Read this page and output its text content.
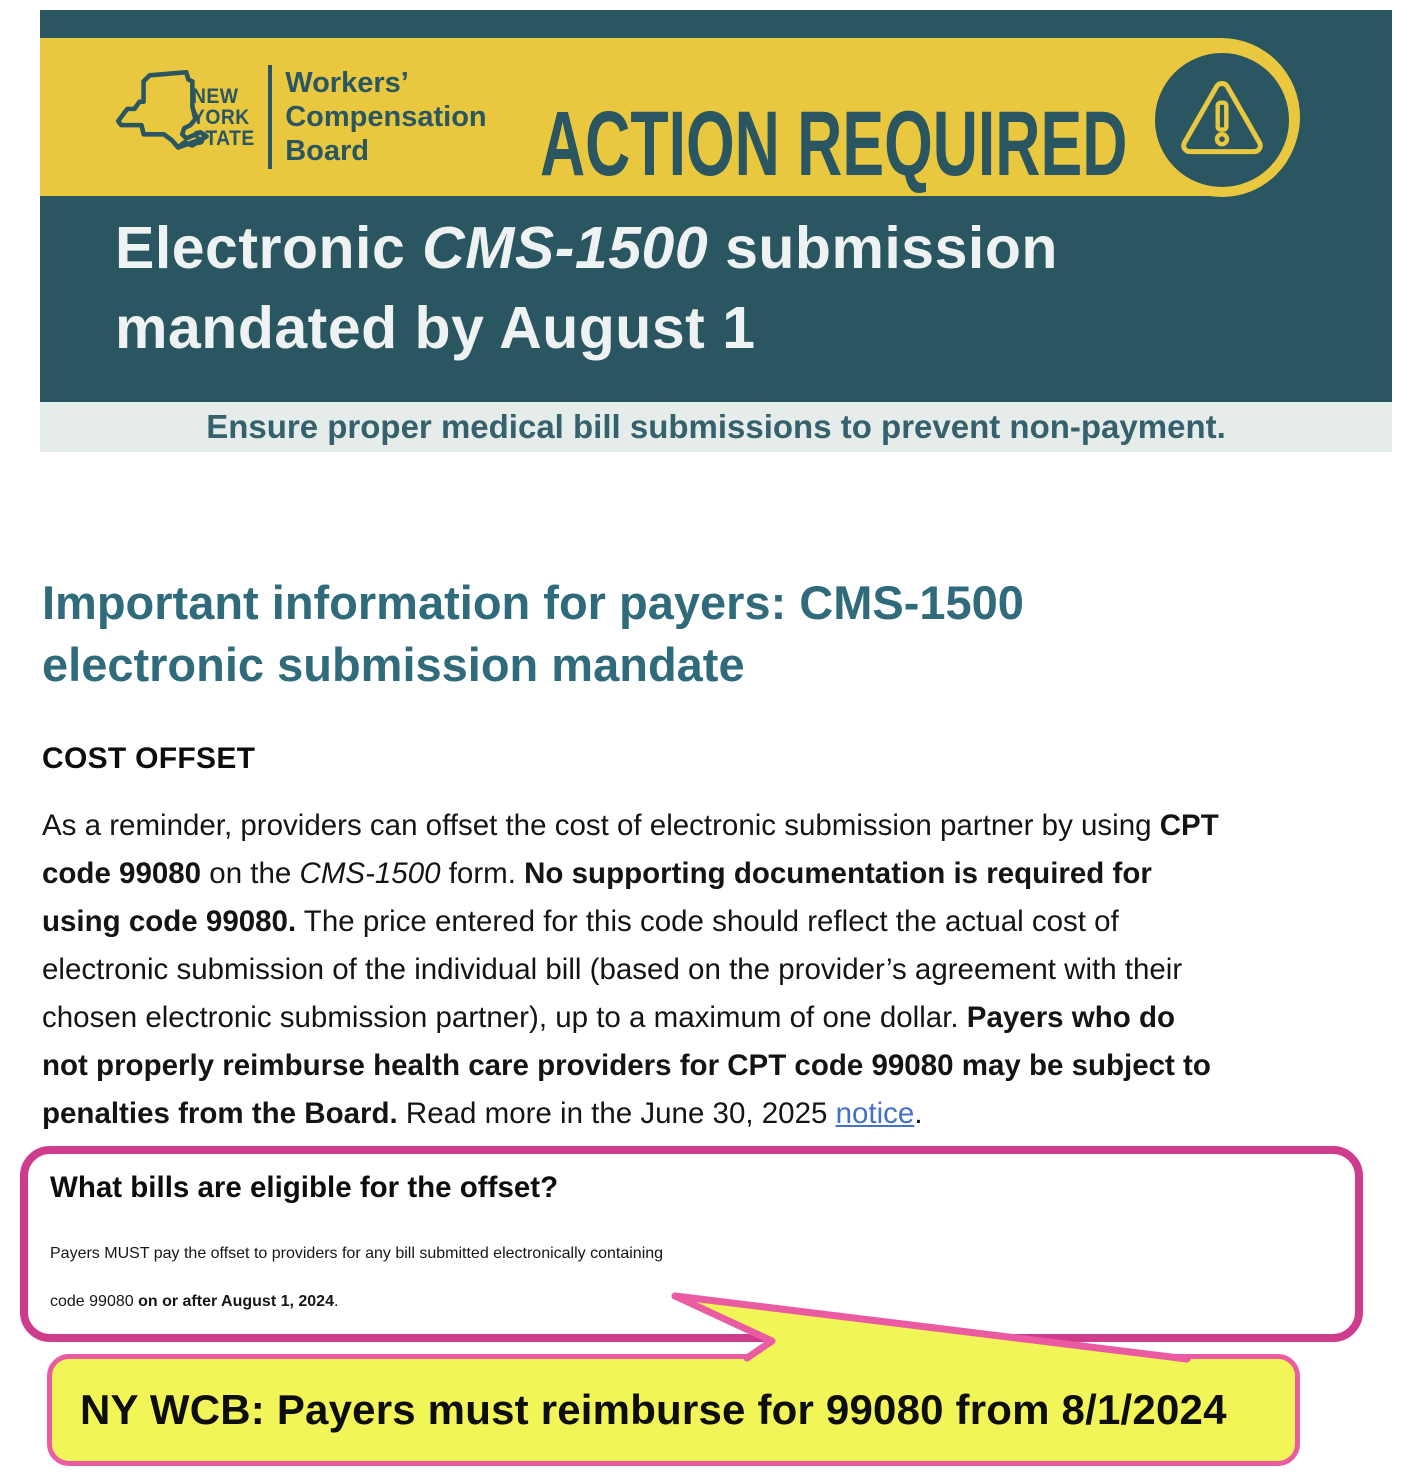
NEW
YORK
STATE
Workers’
Compensation
Board	ACTION REQUIRED
Electronic CMS-1500 submission
mandated by August 1
Ensure proper medical bill submissions to prevent non-payment.
Important information for payers: CMS-1500
electronic submission mandate
COST OFFSET
As a reminder, providers can offset the cost of electronic submission partner by using CPT
code 99080 on the CMS-1500 form. No supporting documentation is required for
using code 99080. The price entered for this code should reflect the actual cost of
electronic submission of the individual bill (based on the provider’s agreement with their
chosen electronic submission partner), up to a maximum of one dollar. Payers who do
not properly reimburse health care providers for CPT code 99080 may be subject to
penalties from the Board. Read more in the June 30, 2025 notice.
What bills are eligible for the offset?
Payers MUST pay the offset to providers for any bill submitted electronically containing
code 99080 on or after August 1, 2024.
NY WCB: Payers must reimburse for 99080 from 8/1/2024
